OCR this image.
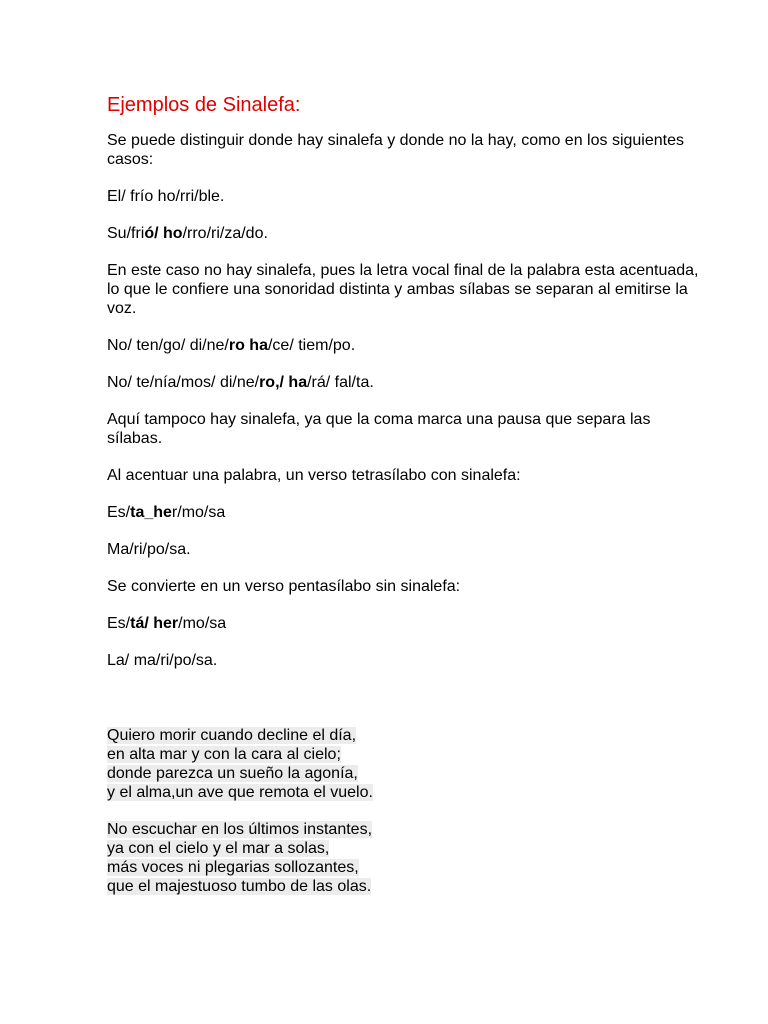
Ejemplos de Sinalefa:

Se puede distinguir donde hay sinalefa y donde no la hay, como en los siguientes casos:

El/ frío ho/rri/ble.

Su/frió/ ho/rro/ri/za/do.

En este caso no hay sinalefa, pues la letra vocal final de la palabra esta acentuada, lo que le confiere una sonoridad distinta y ambas sílabas se separan al emitirse la voz.

No/ ten/go/ di/ne/ro ha/ce/ tiem/po.

No/ te/nía/mos/ di/ne/ro,/ ha/rá/ fal/ta.

Aquí tampoco hay sinalefa, ya que la coma marca una pausa que separa las sílabas.

Al acentuar una palabra, un verso tetrasílabo con sinalefa:

Es/ta_her/mo/sa

Ma/ri/po/sa.

Se convierte en un verso pentasílabo sin sinalefa:

Es/tá/ her/mo/sa

La/ ma/ri/po/sa.

Quiero morir cuando decline el día,
en alta mar y con la cara al cielo;
donde parezca un sueño la agonía,
y el alma,un ave que remota el vuelo.
No escuchar en los últimos instantes,
ya con el cielo y el mar a solas,
más voces ni plegarias sollozantes,
que el majestuoso tumbo de las olas.
